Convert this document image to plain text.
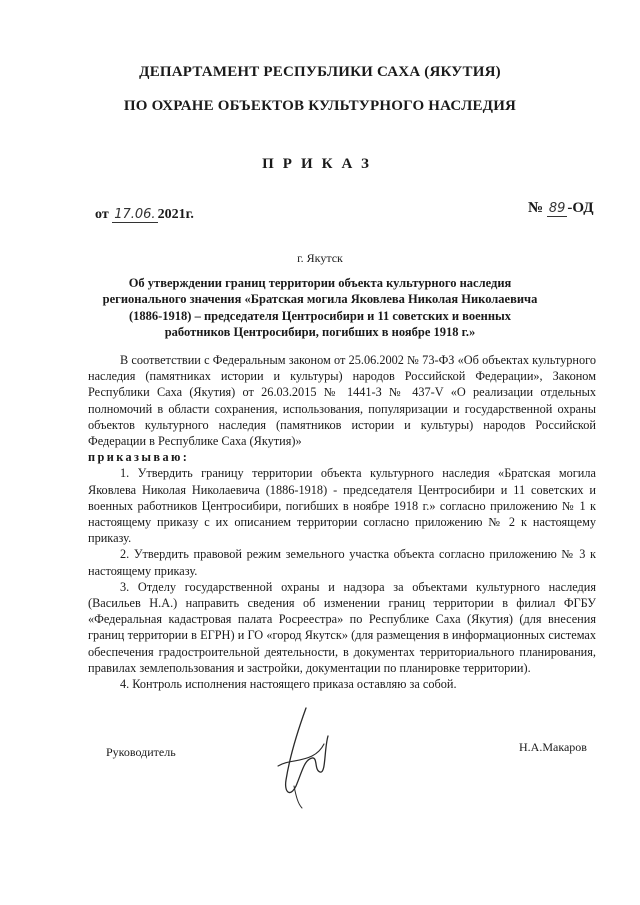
ДЕПАРТАМЕНТ РЕСПУБЛИКИ САХА (ЯКУТИЯ)
ПО ОХРАНЕ ОБЪЕКТОВ КУЛЬТУРНОГО НАСЛЕДИЯ
ПРИКАЗ
от 17.06. 2021г.	№ 89 -ОД
г. Якутск
Об утверждении границ территории объекта культурного наследия регионального значения «Братская могила Яковлева Николая Николаевича (1886-1918) – председателя Центросибири и 11 советских и военных работников Центросибири, погибших в ноябре 1918 г.»

В соответствии с Федеральным законом от 25.06.2002 № 73-ФЗ «Об объектах культурного наследия (памятниках истории и культуры) народов Российской Федерации», Законом Республики Саха (Якутия) от 26.03.2015 № 1441-З № 437-V «О реализации отдельных полномочий в области сохранения, использования, популяризации и государственной охраны объектов культурного наследия (памятников истории и культуры) народов Российской Федерации в Республике Саха (Якутия)»

приказываю:

1. Утвердить границу территории объекта культурного наследия «Братская могила Яковлева Николая Николаевича (1886-1918) - председателя Центросибири и 11 советских и военных работников Центросибири, погибших в ноябре 1918 г.» согласно приложению № 1 к настоящему приказу с их описанием территории согласно приложению № 2 к настоящему приказу.

2. Утвердить правовой режим земельного участка объекта согласно приложению № 3 к настоящему приказу.

3. Отделу государственной охраны и надзора за объектами культурного наследия (Васильев Н.А.) направить сведения об изменении границ территории в филиал ФГБУ «Федеральная кадастровая палата Росреестра» по Республике Саха (Якутия) (для внесения границ территории в ЕГРН) и ГО «город Якутск» (для размещения в информационных системах обеспечения градостроительной деятельности, в документах территориального планирования, правилах землепользования и застройки, документации по планировке территории).

4. Контроль исполнения настоящего приказа оставляю за собой.

Руководитель	Н.А.Макаров
